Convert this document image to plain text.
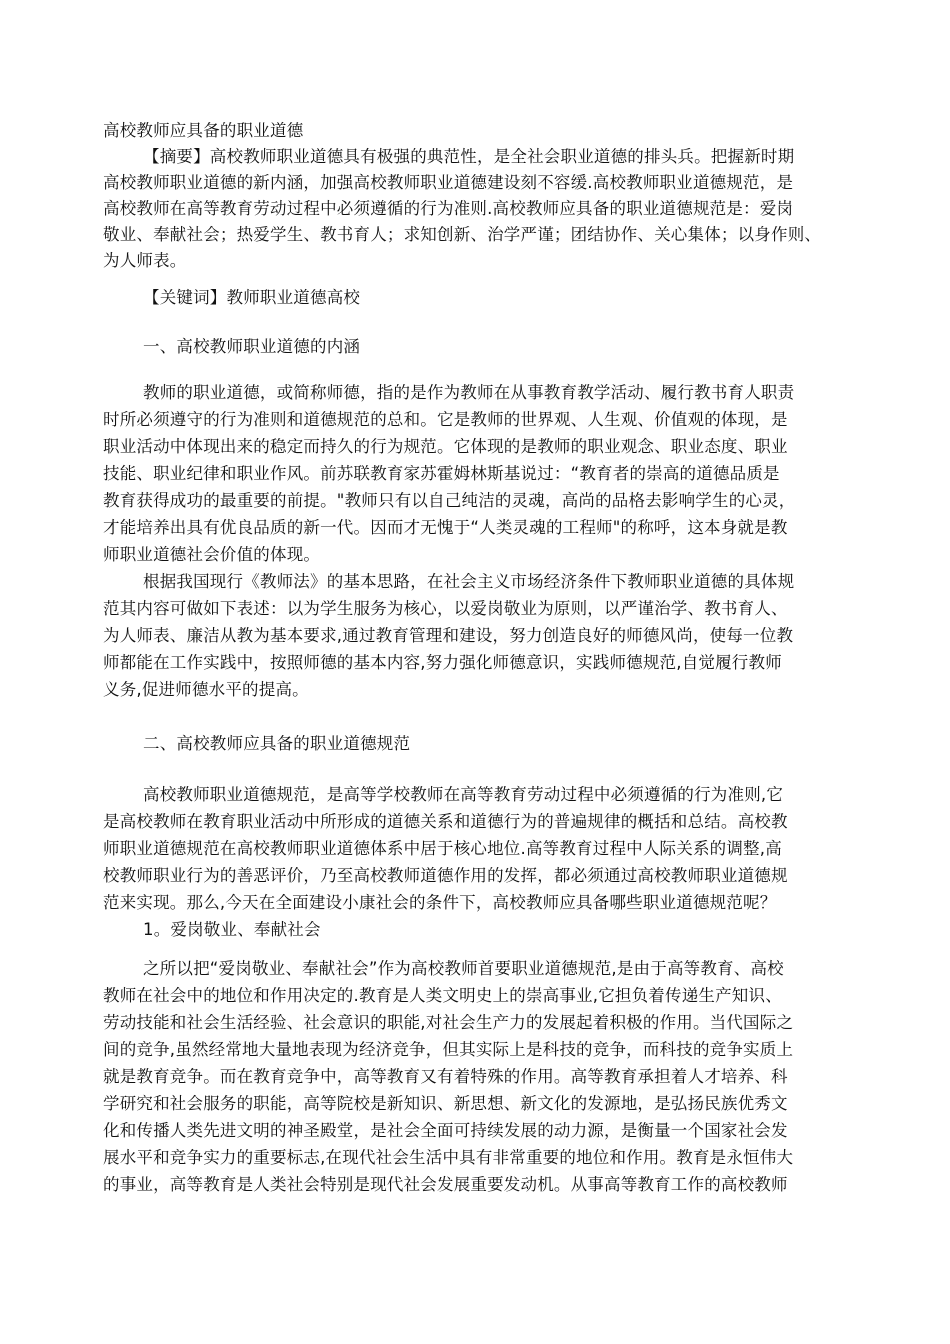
高校教师应具备的职业道德
【摘要】高校教师职业道德具有极强的典范性，是全社会职业道德的排头兵。把握新时期
高校教师职业道德的新内涵，加强高校教师职业道德建设刻不容缓.高校教师职业道德规范，是
高校教师在高等教育劳动过程中必须遵循的行为准则.高校教师应具备的职业道德规范是：爱岗
敬业、奉献社会；热爱学生、教书育人；求知创新、治学严谨；团结协作、关心集体；以身作则、
为人师表。
【关键词】教师职业道德高校
一、高校教师职业道德的内涵
教师的职业道德，或简称师德，指的是作为教师在从事教育教学活动、履行教书育人职责
时所必须遵守的行为准则和道德规范的总和。它是教师的世界观、人生观、价值观的体现，是
职业活动中体现出来的稳定而持久的行为规范。它体现的是教师的职业观念、职业态度、职业
技能、职业纪律和职业作风。前苏联教育家苏霍姆林斯基说过：“教育者的崇高的道德品质是
教育获得成功的最重要的前提。"教师只有以自己纯洁的灵魂，高尚的品格去影响学生的心灵，
才能培养出具有优良品质的新一代。因而才无愧于“人类灵魂的工程师"的称呼，这本身就是教
师职业道德社会价值的体现。
根据我国现行《教师法》的基本思路，在社会主义市场经济条件下教师职业道德的具体规
范其内容可做如下表述：以为学生服务为核心，以爱岗敬业为原则，以严谨治学、教书育人、
为人师表、廉洁从教为基本要求,通过教育管理和建设，努力创造良好的师德风尚，使每一位教
师都能在工作实践中，按照师德的基本内容,努力强化师德意识，实践师德规范,自觉履行教师
义务,促进师德水平的提高。
二、高校教师应具备的职业道德规范
高校教师职业道德规范，是高等学校教师在高等教育劳动过程中必须遵循的行为准则,它
是高校教师在教育职业活动中所形成的道德关系和道德行为的普遍规律的概括和总结。高校教
师职业道德规范在高校教师职业道德体系中居于核心地位.高等教育过程中人际关系的调整,高
校教师职业行为的善恶评价，乃至高校教师道德作用的发挥，都必须通过高校教师职业道德规
范来实现。那么,今天在全面建设小康社会的条件下，高校教师应具备哪些职业道德规范呢？
1。爱岗敬业、奉献社会
之所以把“爱岗敬业、奉献社会”作为高校教师首要职业道德规范,是由于高等教育、高校
教师在社会中的地位和作用决定的.教育是人类文明史上的崇高事业,它担负着传递生产知识、
劳动技能和社会生活经验、社会意识的职能,对社会生产力的发展起着积极的作用。当代国际之
间的竞争,虽然经常地大量地表现为经济竞争，但其实际上是科技的竞争，而科技的竞争实质上
就是教育竞争。而在教育竞争中，高等教育又有着特殊的作用。高等教育承担着人才培养、科
学研究和社会服务的职能，高等院校是新知识、新思想、新文化的发源地，是弘扬民族优秀文
化和传播人类先进文明的神圣殿堂，是社会全面可持续发展的动力源，是衡量一个国家社会发
展水平和竞争实力的重要标志,在现代社会生活中具有非常重要的地位和作用。教育是永恒伟大
的事业，高等教育是人类社会特别是现代社会发展重要发动机。从事高等教育工作的高校教师
